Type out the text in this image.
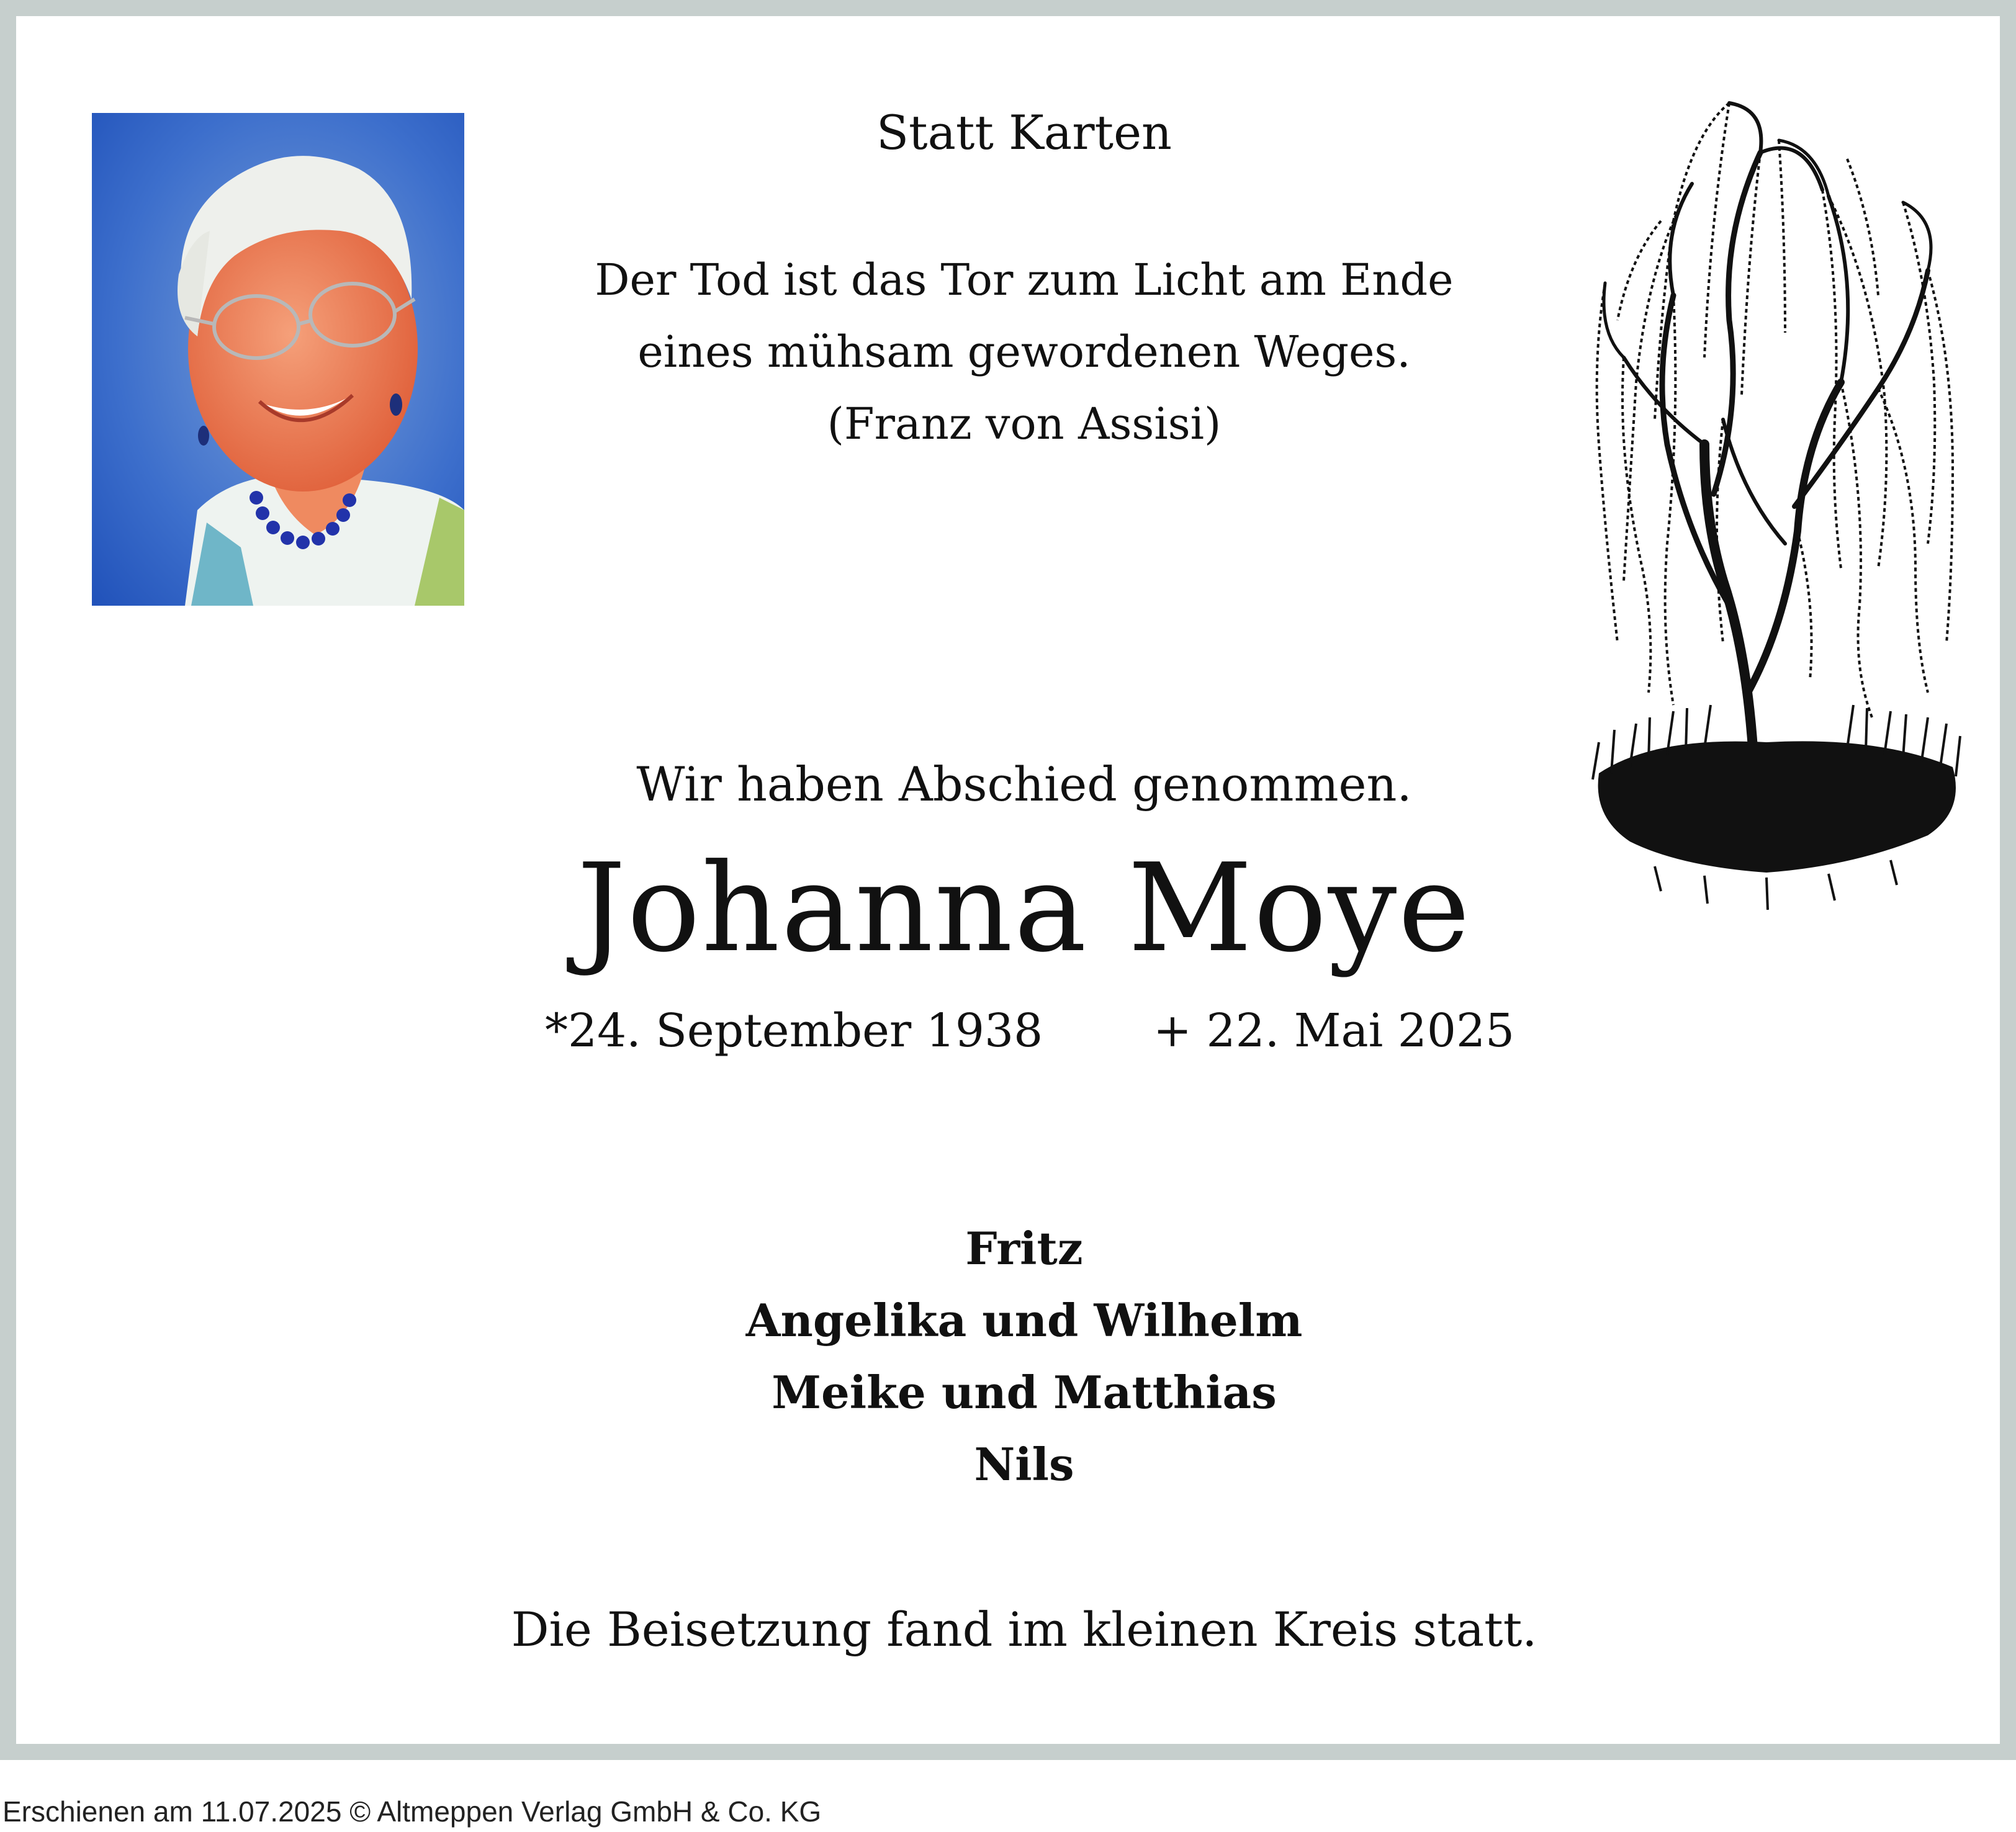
Statt Karten
Der Tod ist das Tor zum Licht am Ende
eines mühsam gewordenen Weges.
(Franz von Assisi)
Wir haben Abschied genommen.
Johanna Moye
*24. September 1938 + 22. Mai 2025
Fritz
Angelika und Wilhelm
Meike und Matthias
Nils
Die Beisetzung fand im kleinen Kreis statt.
Erschienen am 11.07.2025 © Altmeppen Verlag GmbH & Co. KG
